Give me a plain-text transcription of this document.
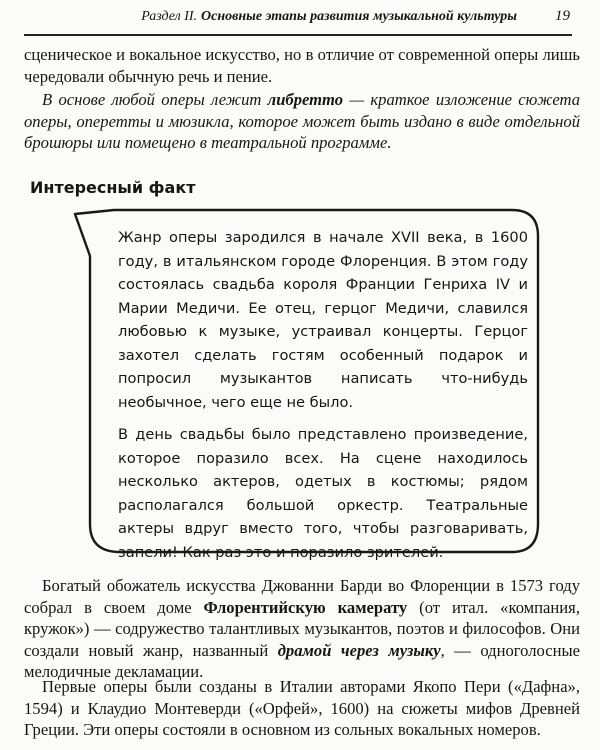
Раздел II. Основные этапы развития музыкальной культуры	19

сценическое и вокальное искусство, но в отличие от современной оперы лишь чередовали обычную речь и пение.

В основе любой оперы лежит либретто — краткое изложение сюжета оперы, оперетты и мюзикла, которое может быть издано в виде отдельной брошюры или помещено в театральной программе.

Интересный факт

Жанр оперы зародился в начале XVII века, в 1600 году, в итальянском городе Флоренция. В этом году состоялась свадьба короля Франции Генриха IV и Марии Медичи. Ее отец, герцог Медичи, славился любовью к музыке, устраивал концерты. Герцог захотел сделать гостям особенный подарок и попросил музыкантов написать что-нибудь необычное, чего еще не было.

В день свадьбы было представлено произведение, которое поразило всех. На сцене находилось несколько актеров, одетых в костюмы; рядом располагался большой оркестр. Театральные актеры вдруг вместо того, чтобы разговаривать, запели! Как раз это и поразило зрителей.

Богатый обожатель искусства Джованни Барди во Флоренции в 1573 году собрал в своем доме Флорентийскую камерату (от итал. «компания, кружок») — содружество талантливых музыкантов, поэтов и философов. Они создали новый жанр, названный драмой через музыку, — одноголосные мелодичные декламации.

Первые оперы были созданы в Италии авторами Якопо Пери («Дафна», 1594) и Клаудио Монтеверди («Орфей», 1600) на сюжеты мифов Древней Греции. Эти оперы состояли в основном из сольных вокальных номеров.
